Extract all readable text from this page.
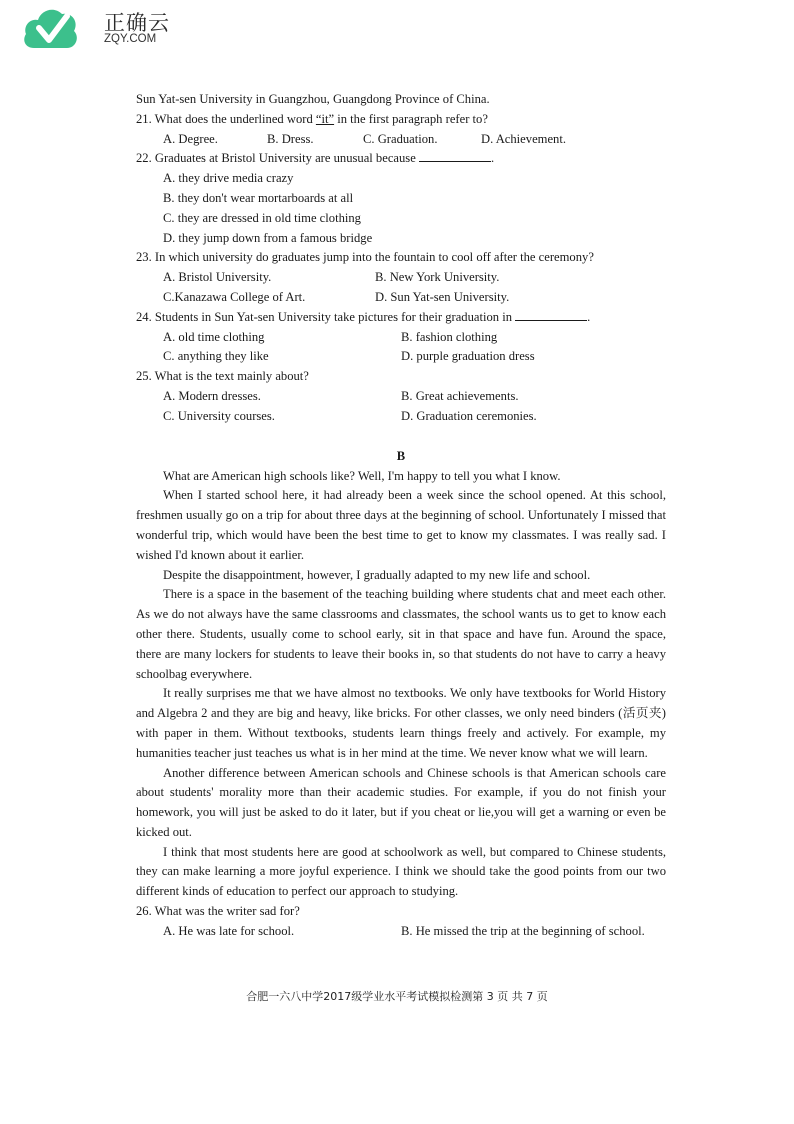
正确云
ZQY.COM
Sun Yat-sen University in Guangzhou, Guangdong Province of China.
21. What does the underlined word “it” in the first paragraph refer to?
A. Degree.	B. Dress.	C. Graduation.	D. Achievement.
22. Graduates at Bristol University are unusual because	.
A. they drive media crazy
B. they don't wear mortarboards at all
C. they are dressed in old time clothing
D. they jump down from a famous bridge
23. In which university do graduates jump into the fountain to cool off after the ceremony?
A. Bristol University.	B. New York University.
C.Kanazawa College of Art.	D. Sun Yat-sen University.
24. Students in Sun Yat-sen University take pictures for their graduation in	.
A. old time clothing	B. fashion clothing
C. anything they like	D. purple graduation dress
25. What is the text mainly about?
A. Modern dresses.	B. Great achievements.
C. University courses.	D. Graduation ceremonies.
B

What are American high schools like? Well, I'm happy to tell you what I know.

When I started school here, it had already been a week since the school opened. At this school, freshmen usually go on a trip for about three days at the beginning of school. Unfortunately I missed that wonderful trip, which would have been the best time to get to know my classmates. I was really sad. I wished I'd known about it earlier.

Despite the disappointment, however, I gradually adapted to my new life and school.

There is a space in the basement of the teaching building where students chat and meet each other. As we do not always have the same classrooms and classmates, the school wants us to get to know each other there. Students, usually come to school early, sit in that space and have fun. Around the space, there are many lockers for students to leave their books in, so that students do not have to carry a heavy schoolbag everywhere.

It really surprises me that we have almost no textbooks. We only have textbooks for World History and Algebra 2 and they are big and heavy, like bricks. For other classes, we only need binders (活页夹) with paper in them. Without textbooks, students learn things freely and actively. For example, my humanities teacher just teaches us what is in her mind at the time. We never know what we will learn.

Another difference between American schools and Chinese schools is that American schools care about students' morality more than their academic studies. For example, if you do not finish your homework, you will just be asked to do it later, but if you cheat or lie,you will get a warning or even be kicked out.

I think that most students here are good at schoolwork as well, but compared to Chinese students, they can make learning a more joyful experience. I think we should take the good points from our two different kinds of education to perfect our approach to studying.

26. What was the writer sad for?
A. He was late for school.	B. He missed the trip at the beginning of school.
合肥一六八中学2017级学业水平考试模拟检测第 3 页 共 7 页
